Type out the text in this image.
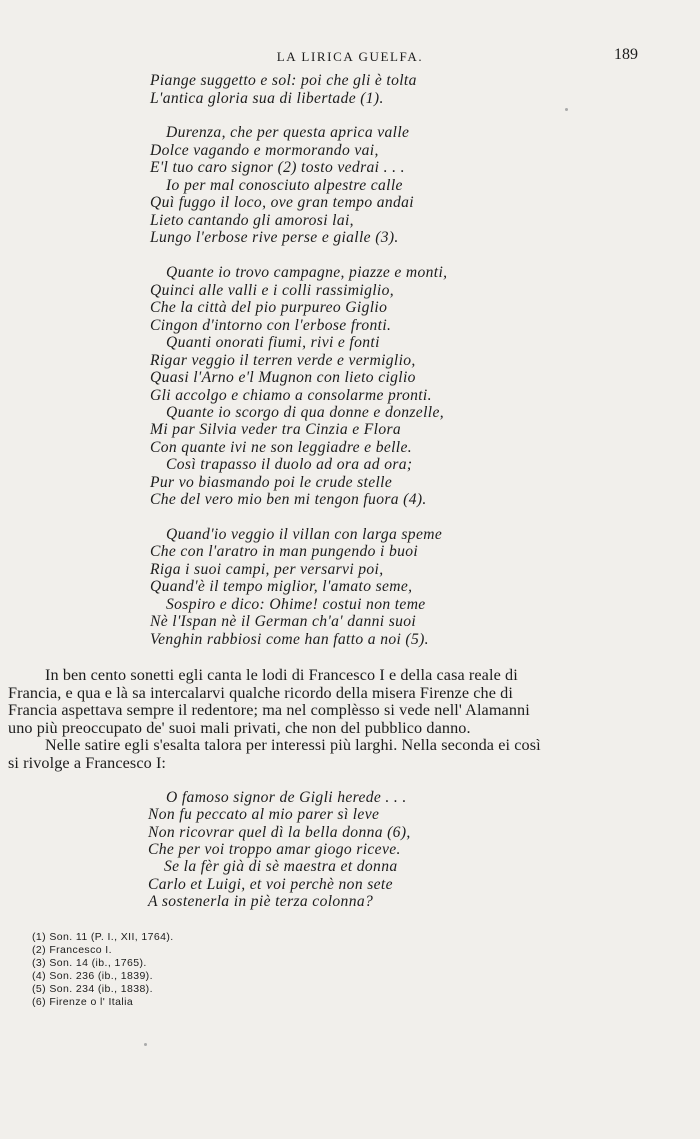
LA LIRICA GUELFA.	189
Piange suggetto e sol: poi che gli è tolta
L'antica gloria sua di libertade (1).
Durenza, che per questa aprica valle
Dolce vagando e mormorando vai,
E'l tuo caro signor (2) tosto vedrai . . .
Io per mal conosciuto alpestre calle
Quì fuggo il loco, ove gran tempo andai
Lieto cantando gli amorosi lai,
Lungo l'erbose rive perse e gialle (3).
Quante io trovo campagne, piazze e monti,
Quinci alle valli e i colli rassimiglio,
Che la città del pio purpureo Giglio
Cingon d'intorno con l'erbose fronti.
Quanti onorati fiumi, rivi e fonti
Rigar veggio il terren verde e vermiglio,
Quasi l'Arno e'l Mugnon con lieto ciglio
Gli accolgo e chiamo a consolarme pronti.
Quante io scorgo di qua donne e donzelle,
Mi par Silvia veder tra Cinzia e Flora
Con quante ivi ne son leggiadre e belle.
Così trapasso il duolo ad ora ad ora;
Pur vo biasmando poi le crude stelle
Che del vero mio ben mi tengon fuora (4).
Quand'io veggio il villan con larga speme
Che con l'aratro in man pungendo i buoi
Riga i suoi campi, per versarvi poi,
Quand'è il tempo miglior, l'amato seme,
Sospiro e dico: Ohime! costui non teme
Nè l'Ispan nè il German ch'a' danni suoi
Venghin rabbiosi come han fatto a noi (5).
In ben cento sonetti egli canta le lodi di Francesco I e della casa reale di
Francia, e qua e là sa intercalarvi qualche ricordo della misera Firenze che di
Francia aspettava sempre il redentore; ma nel complèsso si vede nell' Alamanni
uno più preoccupato de' suoi mali privati, che non del pubblico danno.
Nelle satire egli s'esalta talora per interessi più larghi. Nella seconda ei così
si rivolge a Francesco I:
O famoso signor de Gigli herede . . .
Non fu peccato al mio parer sì leve
Non ricovrar quel dì la bella donna (6),
Che per voi troppo amar giogo riceve.
Se la fèr già di sè maestra et donna
Carlo et Luigi, et voi perchè non sete
A sostenerla in piè terza colonna?
(1) Son. 11 (P. I., XII, 1764).
(2) Francesco I.
(3) Son. 14 (ib., 1765).
(4) Son. 236 (ib., 1839).
(5) Son. 234 (ib., 1838).
(6) Firenze o l' Italia
